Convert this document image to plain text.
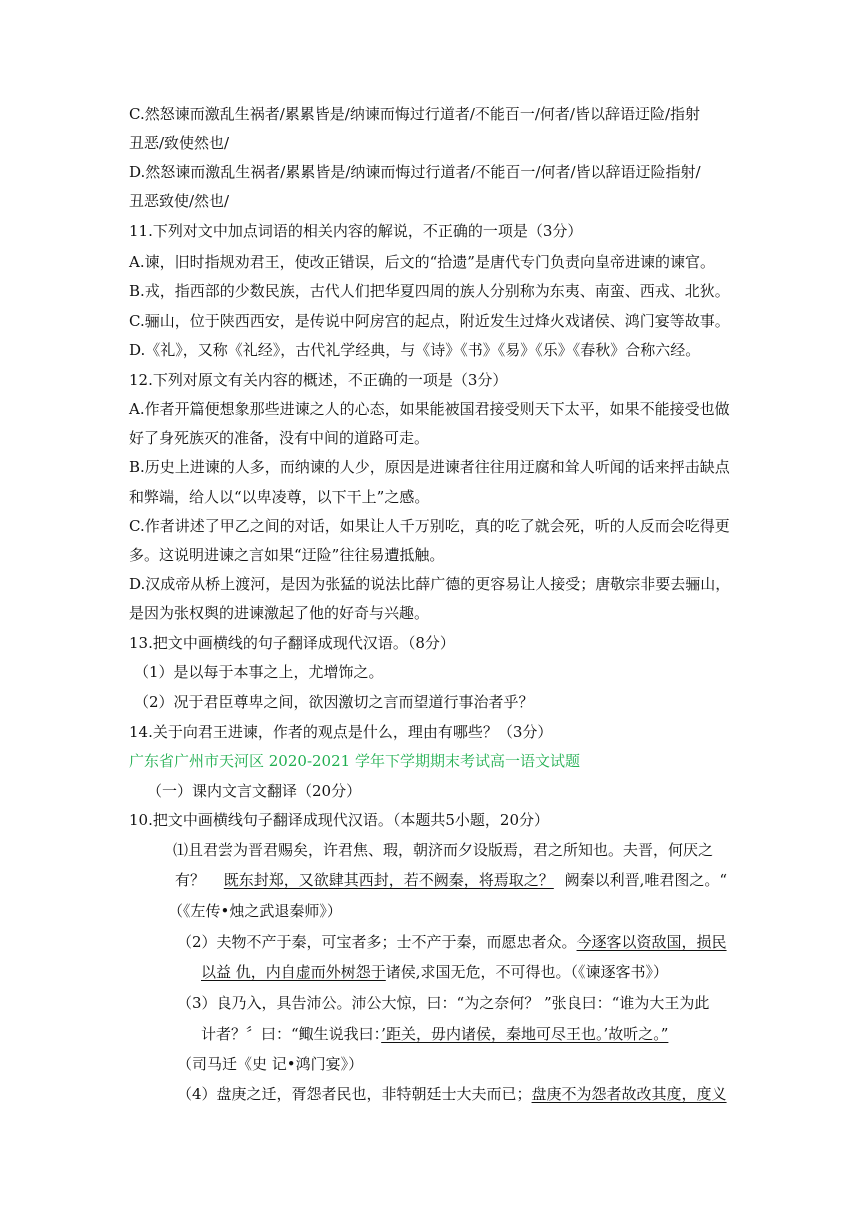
C.然怒谏而激乱生祸者/累累皆是/纳谏而悔过行道者/不能百一/何者/皆以辞语迂险/指射
丑恶/致使然也/
D.然怒谏而激乱生祸者/累累皆是/纳谏而悔过行道者/不能百一/何者/皆以辞语迂险指射/
丑恶致使/然也/
11.下列对文中加点词语的相关内容的解说，不正确的一项是（3分）
A.谏，旧时指规劝君王，使改正错误，后文的“拾遗”是唐代专门负责向皇帝进谏的谏官。
B.戎，指西部的少数民族，古代人们把华夏四周的族人分别称为东夷、南蛮、西戎、北狄。
C.骊山，位于陕西西安，是传说中阿房宫的起点，附近发生过烽火戏诸侯、鸿门宴等故事。
D.《礼》，又称《礼经》，古代礼学经典，与《诗》《书》《易》《乐》《春秋》合称六经。
12.下列对原文有关内容的概述，不正确的一项是（3分）
A.作者开篇便想象那些进谏之人的心态，如果能被国君接受则天下太平，如果不能接受也做
好了身死族灭的准备，没有中间的道路可走。
B.历史上进谏的人多，而纳谏的人少，原因是进谏者往往用迂腐和耸人听闻的话来抨击缺点
和弊端，给人以“以卑凌尊，以下干上”之感。
C.作者讲述了甲乙之间的对话，如果让人千万别吃，真的吃了就会死，听的人反而会吃得更
多。这说明进谏之言如果“迂险”往往易遭抵触。
D.汉成帝从桥上渡河，是因为张猛的说法比薛广德的更容易让人接受；唐敬宗非要去骊山，
是因为张权舆的进谏激起了他的好奇与兴趣。
13.把文中画横线的句子翻译成现代汉语。（8分）
（1）是以每于本事之上，尤增饰之。
（2）况于君臣尊卑之间，欲因激切之言而望道行事治者乎？
14.关于向君王进谏，作者的观点是什么，理由有哪些？（3分）
广东省广州市天河区 2020-2021 学年下学期期末考试高一语文试题
（一）课内文言文翻译（20分）
10.把文中画横线句子翻译成现代汉语。（本题共5小题，20分）
⑴且君尝为晋君赐矣，许君焦、瑕，朝济而夕设版焉，君之所知也。夫晋，何厌之
有？ 既东封郑，又欲肆其西封，若不阙秦，将焉取之？ 阙秦以利晋,唯君图之。“
（《左传•烛之武退秦师》）
（2）夫物不产于秦，可宝者多；士不产于秦，而愿忠者众。今逐客以资敌国，损民
以益 仇，内自虚而外树怨于诸侯,求国无危，不可得也。（《谏逐客书》）
（3）良乃入，具告沛公。沛公大惊，曰：“为之奈何？ ”张良曰：“谁为大王为此
计者？〞曰：“鲰生说我曰：’距关，毋内诸侯，秦地可尽王也。’故听之。”
（司马迁《史 记•鸿门宴》）
（4）盘庚之迁，胥怨者民也，非特朝廷士大夫而已；盘庚不为怨者故改其度，度义
